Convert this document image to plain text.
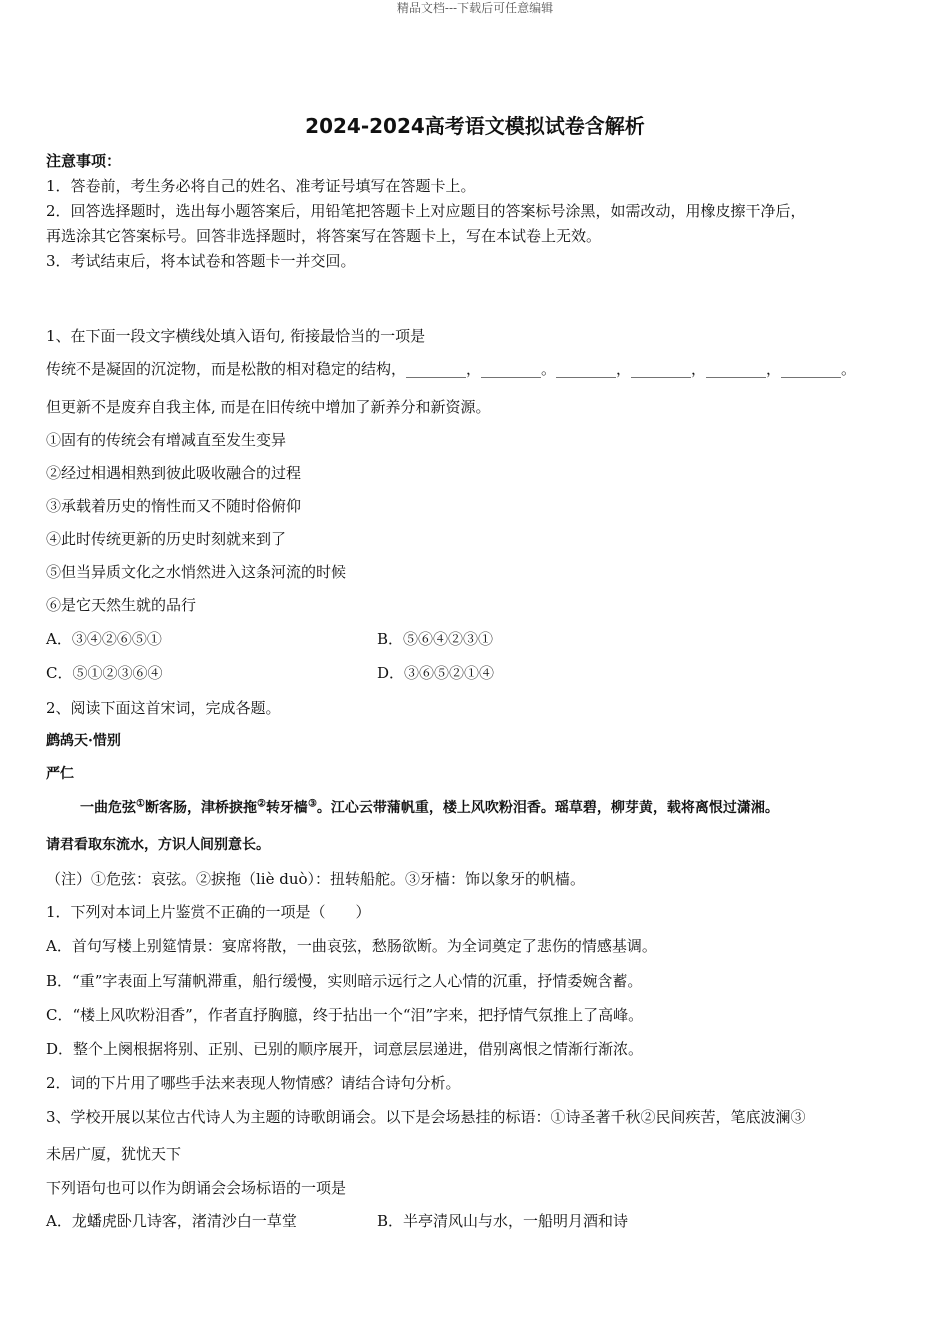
精品文档---下载后可任意编辑
2024-2024高考语文模拟试卷含解析
注意事项：
1．答卷前，考生务必将自己的姓名、准考证号填写在答题卡上。
2．回答选择题时，选出每小题答案后，用铅笔把答题卡上对应题目的答案标号涂黑，如需改动，用橡皮擦干净后，
再选涂其它答案标号。回答非选择题时，将答案写在答题卡上，写在本试卷上无效。
3．考试结束后，将本试卷和答题卡一并交回。
1、在下面一段文字横线处填入语句, 衔接最恰当的一项是
传统不是凝固的沉淀物，而是松散的相对稳定的结构，________，________。________，________，________，________。
但更新不是废弃自我主体, 而是在旧传统中增加了新养分和新资源。
①固有的传统会有增减直至发生变异
②经过相遇相熟到彼此吸收融合的过程
③承载着历史的惰性而又不随时俗俯仰
④此时传统更新的历史时刻就来到了
⑤但当异质文化之水悄然进入这条河流的时候
⑥是它天然生就的品行
A．③④②⑥⑤①	B．⑤⑥④②③①
C．⑤①②③⑥④	D．③⑥⑤②①④
2、阅读下面这首宋词，完成各题。
鹧鸪天·惜别
严仁
一曲危弦①断客肠，津桥捩拖②转牙樯③。江心云带蒲帆重，楼上风吹粉泪香。瑶草碧，柳芽黄，载将离恨过潇湘。
请君看取东流水，方识人间别意长。
（注）①危弦：哀弦。②捩拖（liè duò）：扭转船舵。③牙樯：饰以象牙的帆樯。
1．下列对本词上片鉴赏不正确的一项是（　　）
A．首句写楼上别筵情景：宴席将散，一曲哀弦，愁肠欲断。为全词奠定了悲伤的情感基调。
B．“重”字表面上写蒲帆滞重，船行缓慢，实则暗示远行之人心情的沉重，抒情委婉含蓄。
C．“楼上风吹粉泪香”，作者直抒胸臆，终于拈出一个“泪”字来，把抒情气氛推上了高峰。
D．整个上阕根据将别、正别、已别的顺序展开，词意层层递进，借别离恨之情渐行渐浓。
2．词的下片用了哪些手法来表现人物情感？请结合诗句分析。
3、学校开展以某位古代诗人为主题的诗歌朗诵会。以下是会场悬挂的标语：①诗圣著千秋②民间疾苦，笔底波澜③
未居广厦，犹忧天下
下列语句也可以作为朗诵会会场标语的一项是
A．龙蟠虎卧几诗客，渚清沙白一草堂	B．半亭清风山与水，一船明月酒和诗
